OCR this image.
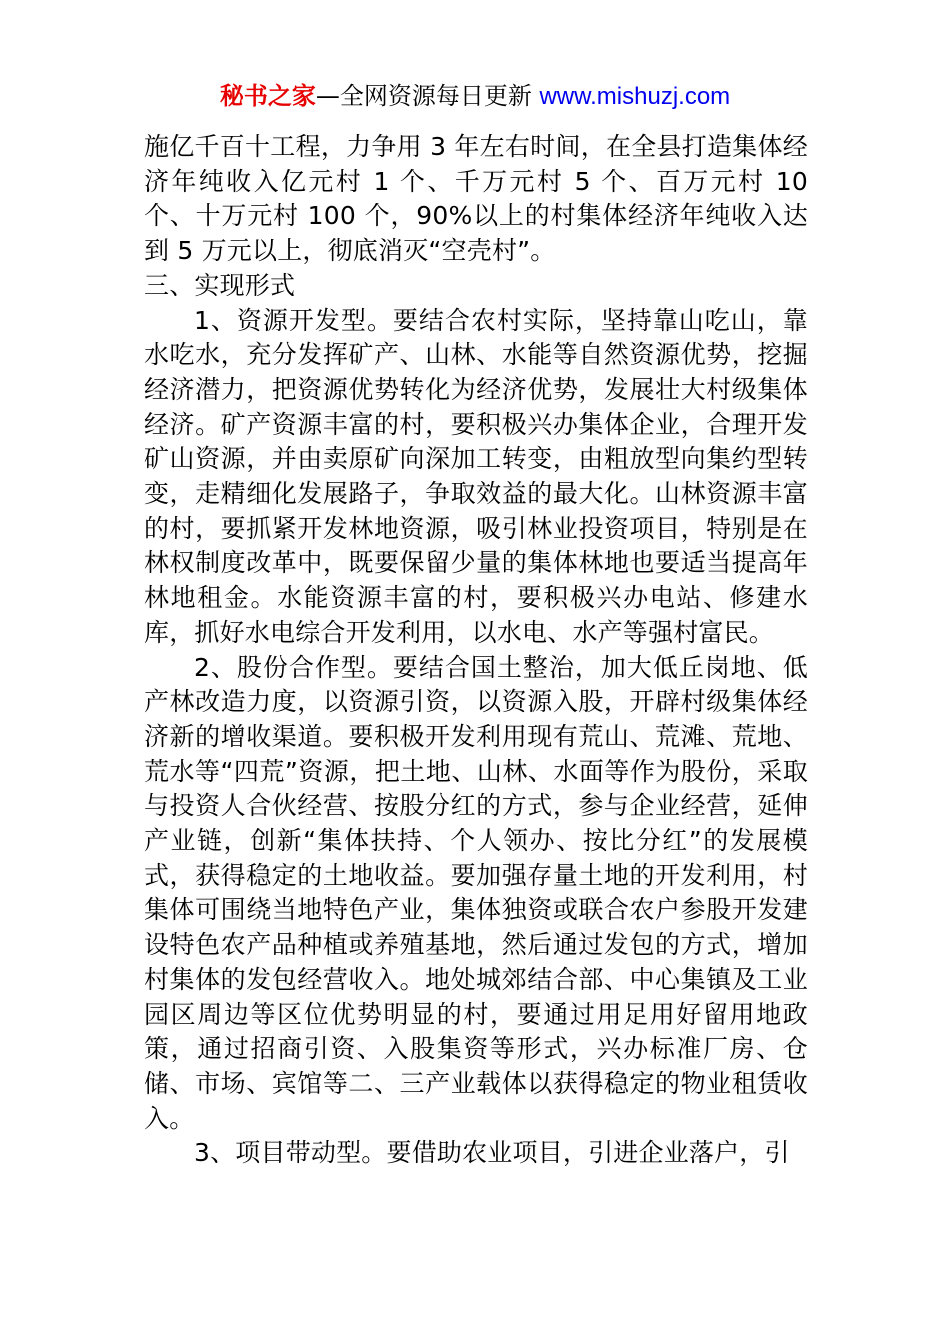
秘书之家—全网资源每日更新 www.mishuzj.com

施亿千百十工程，力争用 3 年左右时间，在全县打造集体经济年纯收入亿元村 1 个、千万元村 5 个、百万元村 10 个、十万元村 100 个，90%以上的村集体经济年纯收入达到 5 万元以上，彻底消灭“空壳村”。

三、实现形式

1、资源开发型。要结合农村实际，坚持靠山吃山，靠水吃水，充分发挥矿产、山林、水能等自然资源优势，挖掘经济潜力，把资源优势转化为经济优势，发展壮大村级集体经济。矿产资源丰富的村，要积极兴办集体企业，合理开发矿山资源，并由卖原矿向深加工转变，由粗放型向集约型转变，走精细化发展路子，争取效益的最大化。山林资源丰富的村，要抓紧开发林地资源，吸引林业投资项目，特别是在林权制度改革中，既要保留少量的集体林地也要适当提高年林地租金。水能资源丰富的村，要积极兴办电站、修建水库，抓好水电综合开发利用，以水电、水产等强村富民。

2、股份合作型。要结合国土整治，加大低丘岗地、低产林改造力度，以资源引资，以资源入股，开辟村级集体经济新的增收渠道。要积极开发利用现有荒山、荒滩、荒地、荒水等“四荒”资源，把土地、山林、水面等作为股份，采取与投资人合伙经营、按股分红的方式，参与企业经营，延伸产业链，创新“集体扶持、个人领办、按比分红”的发展模式，获得稳定的土地收益。要加强存量土地的开发利用，村集体可围绕当地特色产业，集体独资或联合农户参股开发建设特色农产品种植或养殖基地，然后通过发包的方式，增加村集体的发包经营收入。地处城郊结合部、中心集镇及工业园区周边等区位优势明显的村，要通过用足用好留用地政策，通过招商引资、入股集资等形式，兴办标准厂房、仓储、市场、宾馆等二、三产业载体以获得稳定的物业租赁收入。

3、项目带动型。要借助农业项目，引进企业落户，引
